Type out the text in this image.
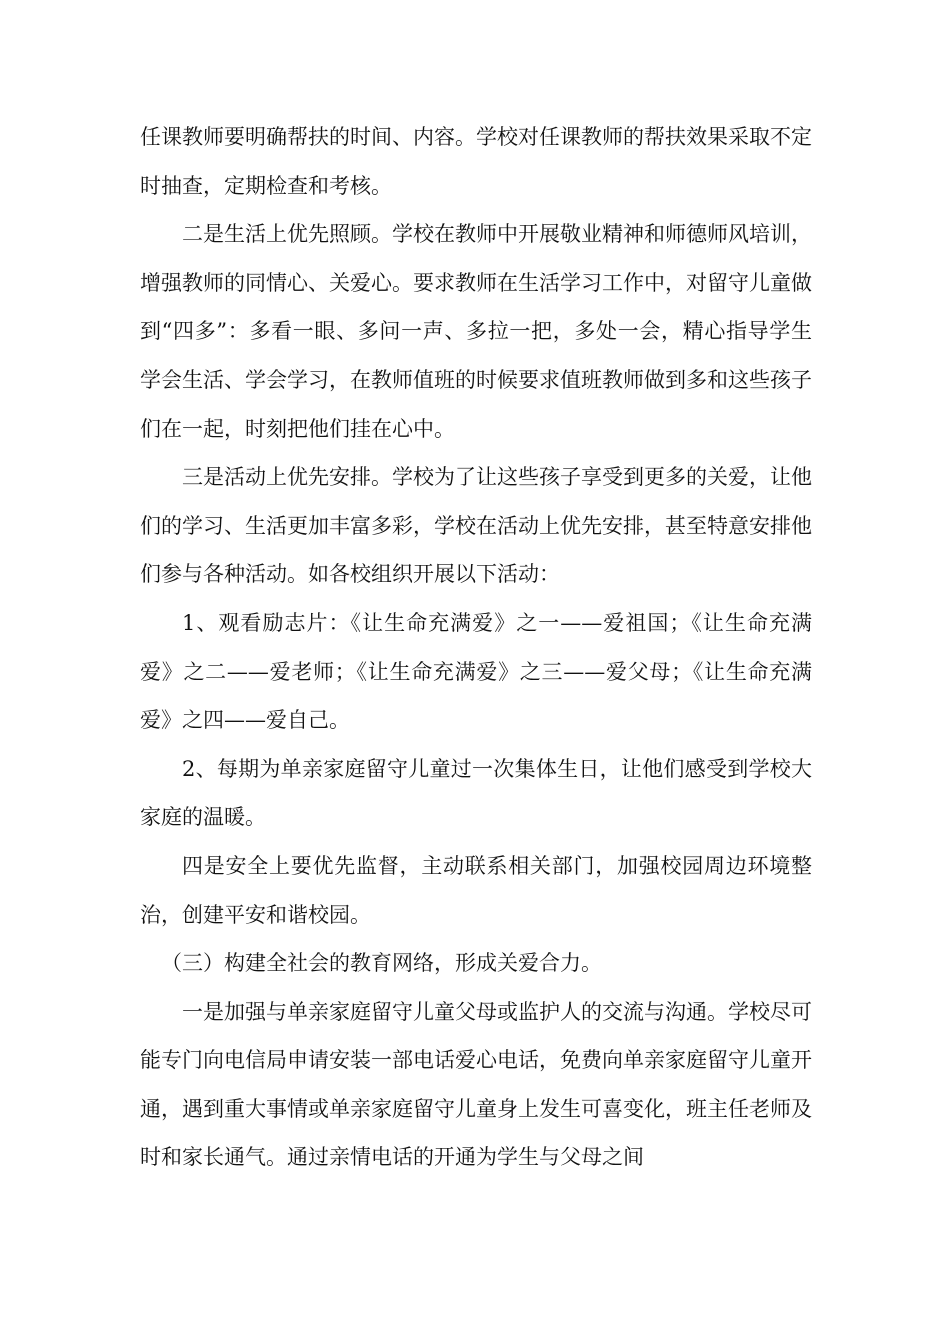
任课教师要明确帮扶的时间、内容。学校对任课教师的帮扶效果采取不定时抽查，定期检查和考核。

二是生活上优先照顾。学校在教师中开展敬业精神和师德师风培训，增强教师的同情心、关爱心。要求教师在生活学习工作中，对留守儿童做到“四多”：多看一眼、多问一声、多拉一把，多处一会，精心指导学生学会生活、学会学习，在教师值班的时候要求值班教师做到多和这些孩子们在一起，时刻把他们挂在心中。

三是活动上优先安排。学校为了让这些孩子享受到更多的关爱，让他们的学习、生活更加丰富多彩，学校在活动上优先安排，甚至特意安排他们参与各种活动。如各校组织开展以下活动：

1、观看励志片：《让生命充满爱》之一——爱祖国；《让生命充满爱》之二——爱老师；《让生命充满爱》之三——爱父母；《让生命充满爱》之四——爱自己。

2、每期为单亲家庭留守儿童过一次集体生日，让他们感受到学校大家庭的温暖。

四是安全上要优先监督，主动联系相关部门，加强校园周边环境整治，创建平安和谐校园。

（三）构建全社会的教育网络，形成关爱合力。

一是加强与单亲家庭留守儿童父母或监护人的交流与沟通。学校尽可能专门向电信局申请安装一部电话爱心电话，免费向单亲家庭留守儿童开通，遇到重大事情或单亲家庭留守儿童身上发生可喜变化，班主任老师及时和家长通气。通过亲情电话的开通为学生与父母之间
